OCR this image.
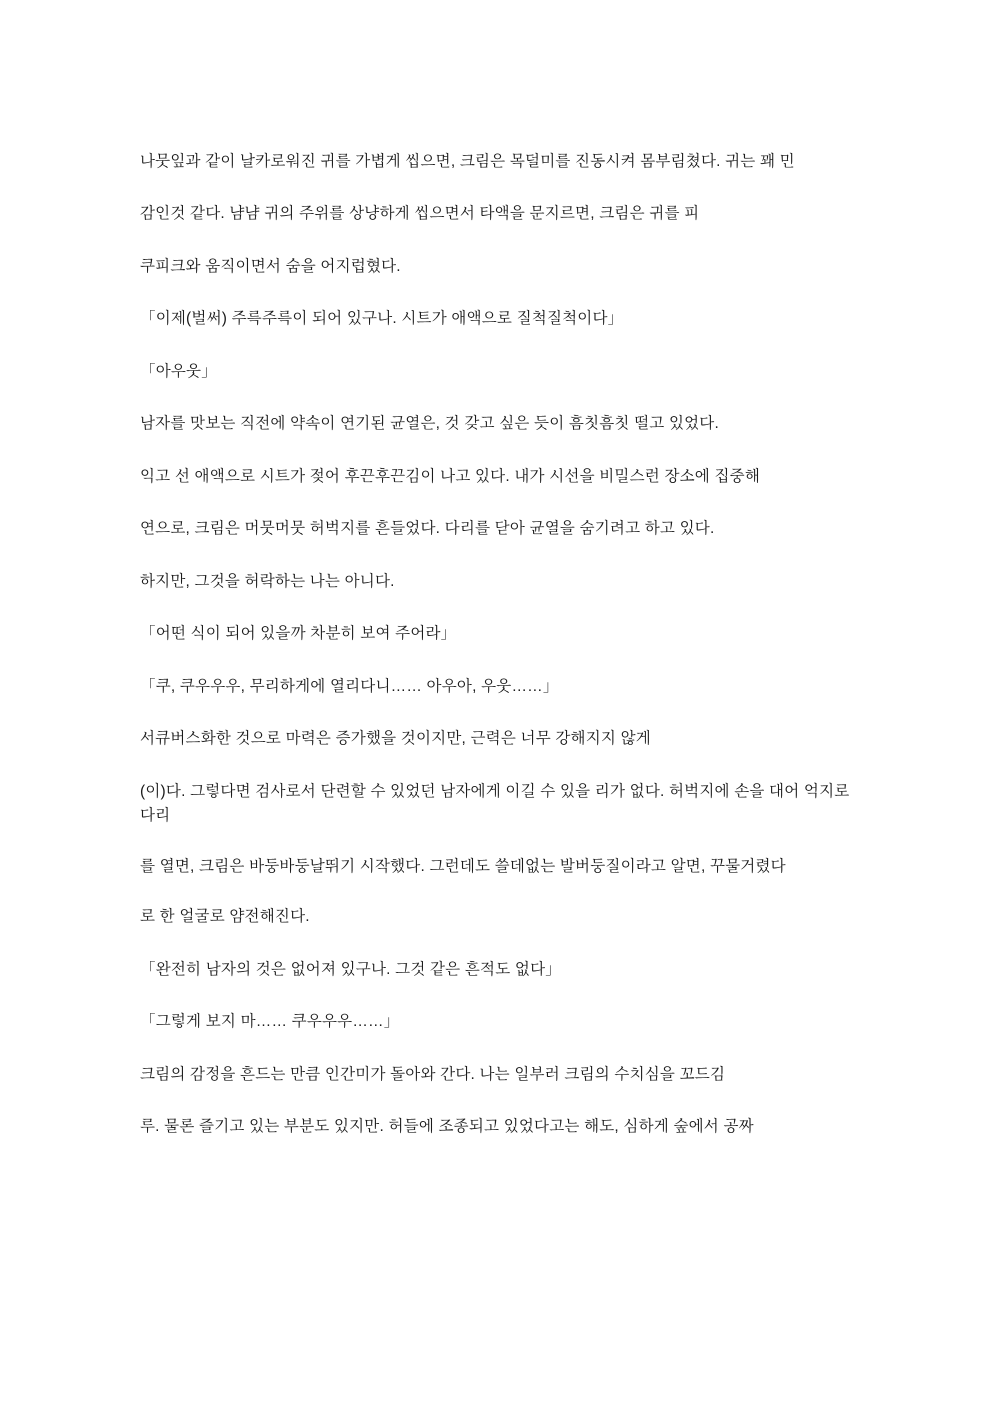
나뭇잎과 같이 날카로워진 귀를 가볍게 씹으면, 크림은 목덜미를 진동시켜 몸부림쳤다. 귀는 꽤 민

감인것 같다. 냠냠 귀의 주위를 상냥하게 씹으면서 타액을 문지르면, 크림은 귀를 피

쿠피크와 움직이면서 숨을 어지럽혔다.

「이제(벌써) 주륵주륵이 되어 있구나. 시트가 애액으로 질척질척이다」

「아우웃」

남자를 맛보는 직전에 약속이 연기된 균열은, 것 갖고 싶은 듯이 흠칫흠칫 떨고 있었다.

익고 선 애액으로 시트가 젖어 후끈후끈김이 나고 있다. 내가 시선을 비밀스런 장소에 집중해

연으로, 크림은 머뭇머뭇 허벅지를 흔들었다. 다리를 닫아 균열을 숨기려고 하고 있다.

하지만, 그것을 허락하는 나는 아니다.

「어떤 식이 되어 있을까 차분히 보여 주어라」

「쿠, 쿠우우우, 무리하게에 열리다니…… 아우아, 우웃……」

서큐버스화한 것으로 마력은 증가했을 것이지만, 근력은 너무 강해지지 않게

(이)다. 그렇다면 검사로서 단련할 수 있었던 남자에게 이길 수 있을 리가 없다. 허벅지에 손을 대어 억지로 다리

를 열면, 크림은 바둥바둥날뛰기 시작했다. 그런데도 쓸데없는 발버둥질이라고 알면, 꾸물거렸다

로 한 얼굴로 얌전해진다.

「완전히 남자의 것은 없어져 있구나. 그것 같은 흔적도 없다」

「그렇게 보지 마…… 쿠우우우……」

크림의 감정을 흔드는 만큼 인간미가 돌아와 간다. 나는 일부러 크림의 수치심을 꼬드김

루. 물론 즐기고 있는 부분도 있지만. 허들에 조종되고 있었다고는 해도, 심하게 숲에서 공짜
